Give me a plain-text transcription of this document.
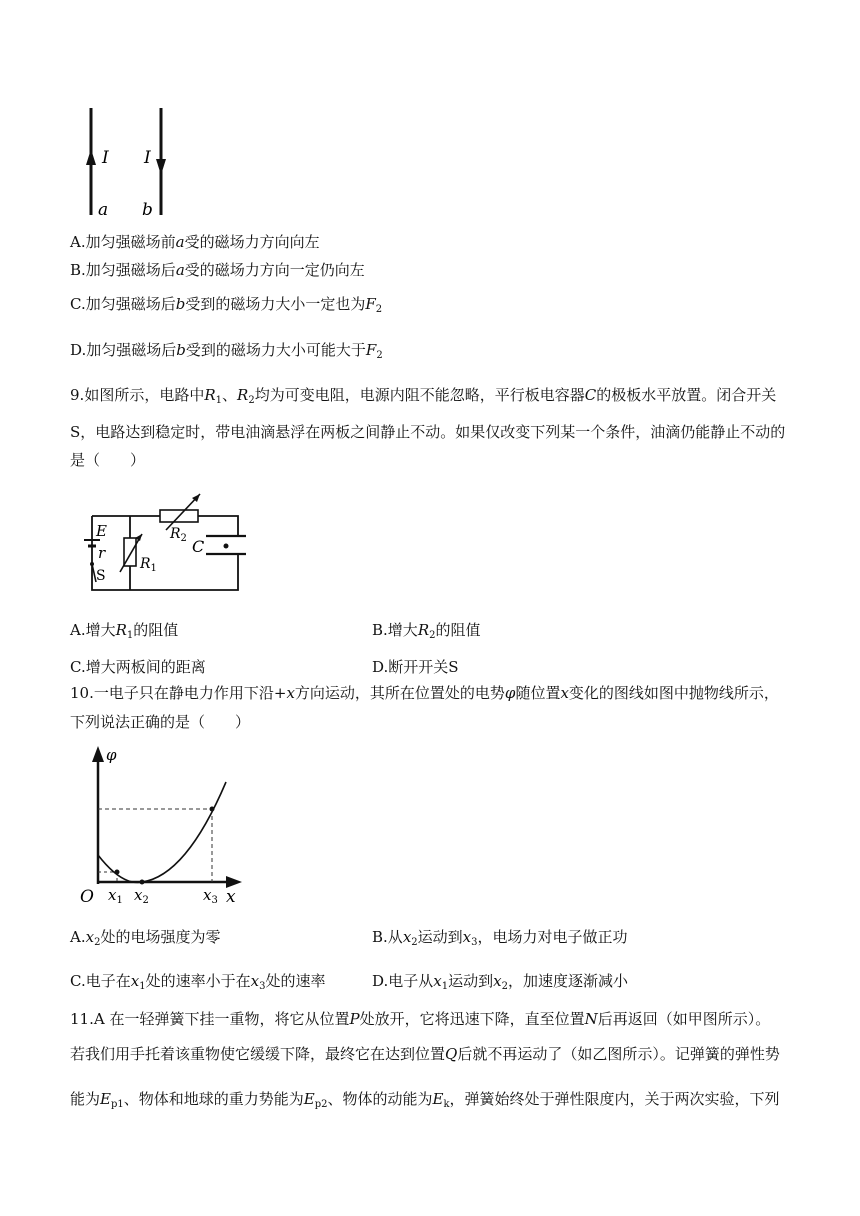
I I
a b
A.加匀强磁场前a受的磁场力方向向左
B.加匀强磁场后a受的磁场力方向一定仍向左
C.加匀强磁场后b受到的磁场力大小一定也为$F_2$
D.加匀强磁场后b受到的磁场力大小可能大于$F_2$
9.如图所示，电路中$R_1$、$R_2$均为可变电阻，电源内阻不能忽略，平行板电容器C的极板水平放置。闭合开关
S，电路达到稳定时，带电油滴悬浮在两板之间静止不动。如果仅改变下列某一个条件，油滴仍能静止不动的
是（　　）
E
r
S
$R_1$
$R_2$ C
A.增大$R_1$的阻值	B.增大$R_2$的阻值
C.增大两板间的距离	D.断开开关S
10.一电子只在静电力作用下沿+x方向运动，其所在位置处的电势φ随位置x变化的图线如图中抛物线所示，
下列说法正确的是（　　）
φ
x
O $x_1$ $x_2$	$x_3$
$A.x_2$处的电场强度为零	B.从$x_2$运动到$x_3$，电场力对电子做正功
C.电子在$x_1$处的速率小于在$x_3$处的速率	D.电子从$x_1$运动到$x_2$，加速度逐渐减小
11.A 在一轻弹簧下挂一重物，将它从位置P处放开，它将迅速下降，直至位置N后再返回（如甲图所示）。
若我们用手托着该重物使它缓缓下降，最终它在达到位置Q后就不再运动了（如乙图所示）。记弹簧的弹性势
能为$E_{p1}$、物体和地球的重力势能为$E_{p2}$、物体的动能为$E_k$，弹簧始终处于弹性限度内，关于两次实验，下列
